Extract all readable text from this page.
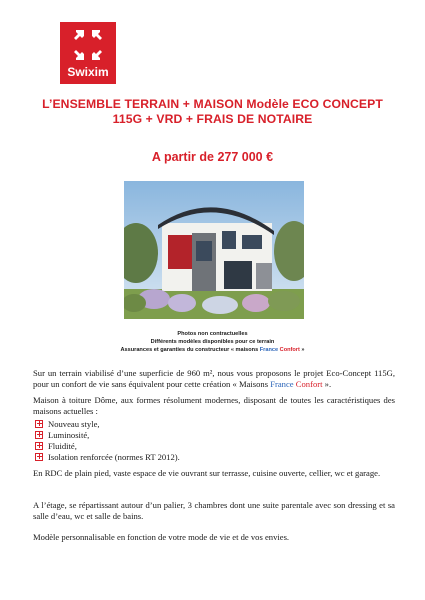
Swixim
L’ENSEMBLE TERRAIN + MAISON Modèle ECO CONCEPT
115G + VRD + FRAIS DE NOTAIRE
A partir de 277 000 €
Photos non contractuelles
Différents modèles disponibles pour ce terrain
Assurances et garanties du constructeur « maisons France Confort »
Sur un terrain viabilisé d’une superficie de 960 m², nous vous proposons le projet Eco-Concept 115G, pour un confort de vie sans équivalent pour cette création « Maisons France Confort ».
Maison à toiture Dôme, aux formes résolument modernes, disposant de toutes les caractéristiques des maisons actuelles :
Nouveau style,
Luminosité,
Fluidité,
Isolation renforcée (normes RT 2012).
En RDC de plain pied, vaste espace de vie ouvrant sur terrasse, cuisine ouverte, cellier, wc et garage.
A l’étage, se répartissant autour d’un palier, 3 chambres dont une suite parentale avec son dressing et sa salle d’eau, wc et salle de bains.
Modèle personnalisable en fonction de votre mode de vie et de vos envies.
